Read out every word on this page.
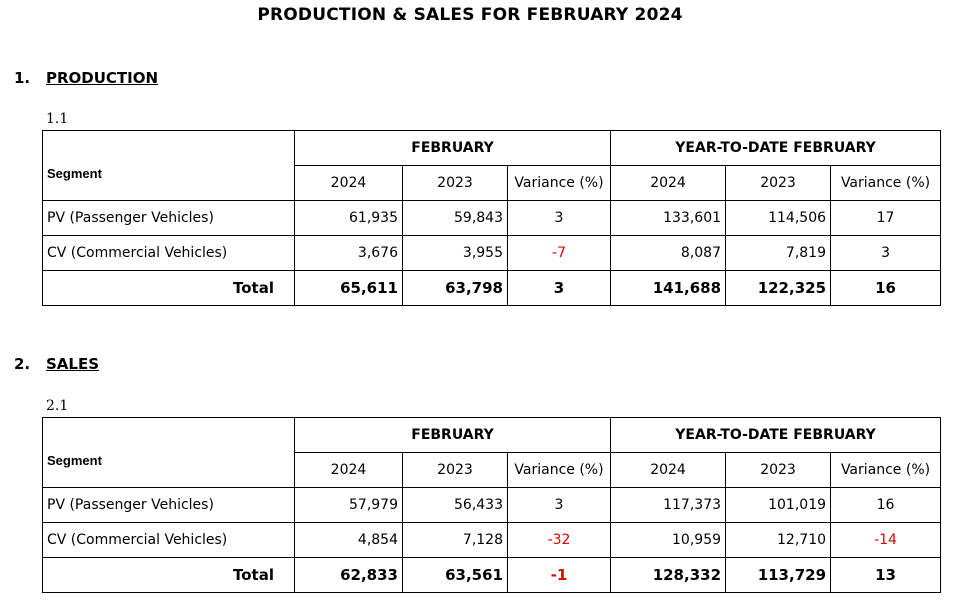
PRODUCTION & SALES FOR FEBRUARY 2024
1. PRODUCTION
1.1
	FEBRUARY			YEAR-TO-DATE FEBRUARY		
Segment	2024	2023	Variance (%)	2024	2023	Variance (%)
PV (Passenger Vehicles)	61,935	59,843	3	133,601	114,506	17
CV (Commercial Vehicles)	3,676	3,955	-7	8,087	7,819	3
Total	65,611	63,798	3	141,688	122,325	16
2. SALES
2.1
	FEBRUARY			YEAR-TO-DATE FEBRUARY		
Segment	2024	2023	Variance (%)	2024	2023	Variance (%)
PV (Passenger Vehicles)	57,979	56,433	3	117,373	101,019	16
CV (Commercial Vehicles)	4,854	7,128	-32	10,959	12,710	-14
Total	62,833	63,561	-1	128,332	113,729	13
